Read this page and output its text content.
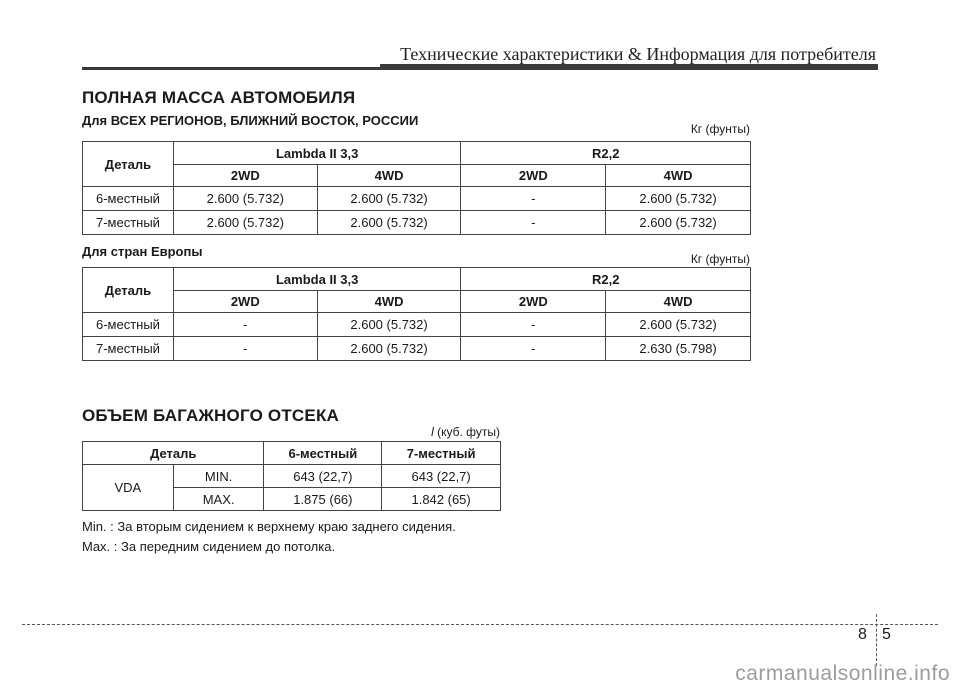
Технические характеристики & Информация для потребителя
ПОЛНАЯ МАССА АВТОМОБИЛЯ
Для ВСЕХ РЕГИОНОВ, БЛИЖНИЙ ВОСТОК, РОССИИ
Кг (фунты)
Деталь	Lambda II 3,3		R2,2	
	2WD	4WD	2WD	4WD
6-местный	2.600 (5.732)	2.600 (5.732)	-	2.600 (5.732)
7-местный	2.600 (5.732)	2.600 (5.732)	-	2.600 (5.732)
Для стран Европы	Кг (фунты)
Деталь	Lambda II 3,3		R2,2	
	2WD	4WD	2WD	4WD
6-местный	-	2.600 (5.732)	-	2.600 (5.732)
7-местный	-	2.600 (5.732)	-	2.630 (5.798)
ОБЪЕМ БАГАЖНОГО ОТСЕКА
l (куб. футы)
Деталь		6-местный	7-местный
VDA	MIN.	643 (22,7)	643 (22,7)
	MAX.	1.875 (66)	1.842 (65)
Min. : За вторым сидением к верхнему краю заднего сидения.
Max. : За передним сидением до потолка.
8 5
carmanualsonline.info
